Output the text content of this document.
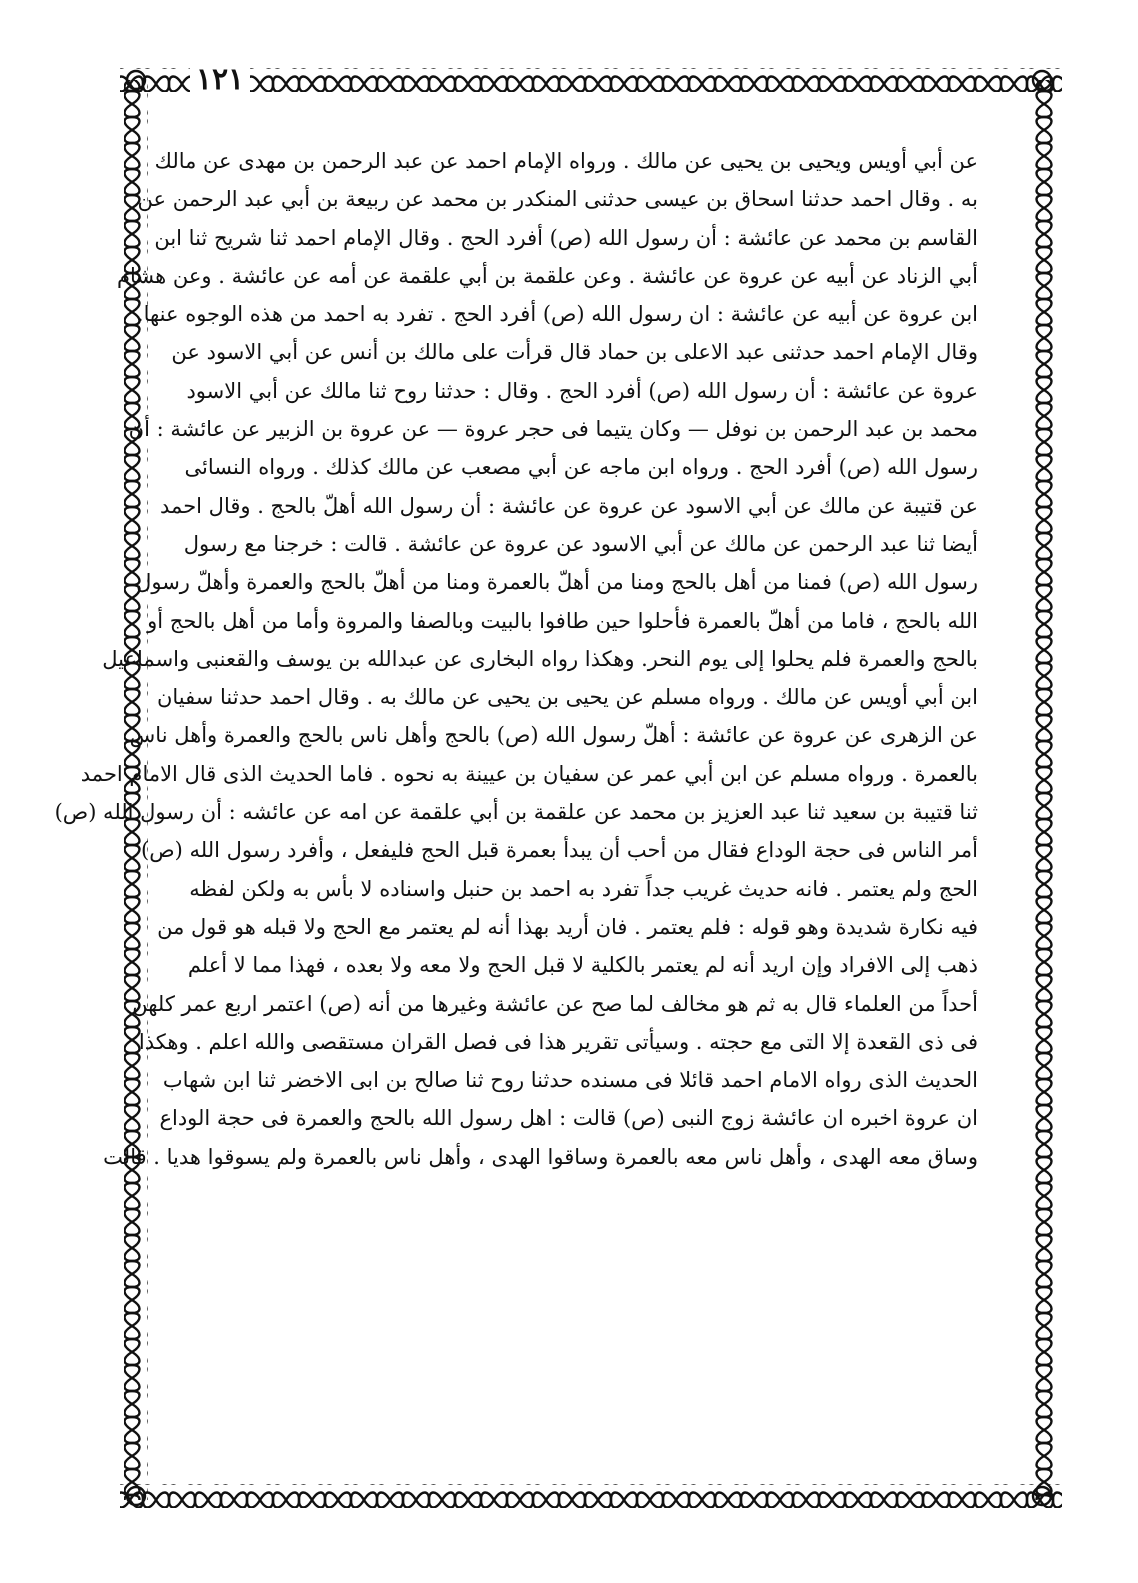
١٢١
عن أبي أويس ويحيى بن يحيى عن مالك . ورواه الإمام احمد عن عبد الرحمن بن مهدى عن مالك
به . وقال احمد حدثنا اسحاق بن عيسى حدثنى المنكدر بن محمد عن ربيعة بن أبي عبد الرحمن عن
القاسم بن محمد عن عائشة : أن رسول الله (ص) أفرد الحج . وقال الإمام احمد ثنا شريح ثنا ابن
أبي الزناد عن أبيه عن عروة عن عائشة . وعن علقمة بن أبي علقمة عن أمه عن عائشة . وعن هشام
ابن عروة عن أبيه عن عائشة : ان رسول الله (ص) أفرد الحج . تفرد به احمد من هذه الوجوه عنها.
وقال الإمام احمد حدثنى عبد الاعلى بن حماد قال قرأت على مالك بن أنس عن أبي الاسود عن
عروة عن عائشة : أن رسول الله (ص) أفرد الحج . وقال : حدثنا روح ثنا مالك عن أبي الاسود
محمد بن عبد الرحمن بن نوفل — وكان يتيما فى حجر عروة — عن عروة بن الزبير عن عائشة : أن
رسول الله (ص) أفرد الحج . ورواه ابن ماجه عن أبي مصعب عن مالك كذلك . ورواه النسائى
عن قتيبة عن مالك عن أبي الاسود عن عروة عن عائشة : أن رسول الله أهلّ بالحج . وقال احمد
أيضا ثنا عبد الرحمن عن مالك عن أبي الاسود عن عروة عن عائشة . قالت : خرجنا مع رسول
رسول الله (ص) فمنا من أهل بالحج ومنا من أهلّ بالعمرة ومنا من أهلّ بالحج والعمرة وأهلّ رسول
الله بالحج ، فاما من أهلّ بالعمرة فأحلوا حين طافوا بالبيت وبالصفا والمروة وأما من أهل بالحج أو
بالحج والعمرة فلم يحلوا إلى يوم النحر. وهكذا رواه البخارى عن عبدالله بن يوسف والقعنبى واسماعيل
ابن أبي أويس عن مالك . ورواه مسلم عن يحيى بن يحيى عن مالك به . وقال احمد حدثنا سفيان
عن الزهرى عن عروة عن عائشة : أهلّ رسول الله (ص) بالحج وأهل ناس بالحج والعمرة وأهل ناس
بالعمرة . ورواه مسلم عن ابن أبي عمر عن سفيان بن عيينة به نحوه . فاما الحديث الذى قال الامام احمد
ثنا قتيبة بن سعيد ثنا عبد العزيز بن محمد عن علقمة بن أبي علقمة عن امه عن عائشه : أن رسول الله (ص)
أمر الناس فى حجة الوداع فقال من أحب أن يبدأ بعمرة قبل الحج فليفعل ، وأفرد رسول الله (ص)
الحج ولم يعتمر . فانه حديث غريب جداً تفرد به احمد بن حنبل واسناده لا بأس به ولكن لفظه
فيه نكارة شديدة وهو قوله : فلم يعتمر . فان أريد بهذا أنه لم يعتمر مع الحج ولا قبله هو قول من
ذهب إلى الافراد وإن اريد أنه لم يعتمر بالكلية لا قبل الحج ولا معه ولا بعده ، فهذا مما لا أعلم
أحداً من العلماء قال به ثم هو مخالف لما صح عن عائشة وغيرها من أنه (ص) اعتمر اربع عمر كلهن
فى ذى القعدة إلا التى مع حجته . وسيأتى تقرير هذا فى فصل القران مستقصى والله اعلم . وهكذا
الحديث الذى رواه الامام احمد قائلا فى مسنده حدثنا روح ثنا صالح بن ابى الاخضر ثنا ابن شهاب
ان عروة اخبره ان عائشة زوج النبى (ص) قالت : اهل رسول الله بالحج والعمرة فى حجة الوداع
وساق معه الهدى ، وأهل ناس معه بالعمرة وساقوا الهدى ، وأهل ناس بالعمرة ولم يسوقوا هديا . قالت
